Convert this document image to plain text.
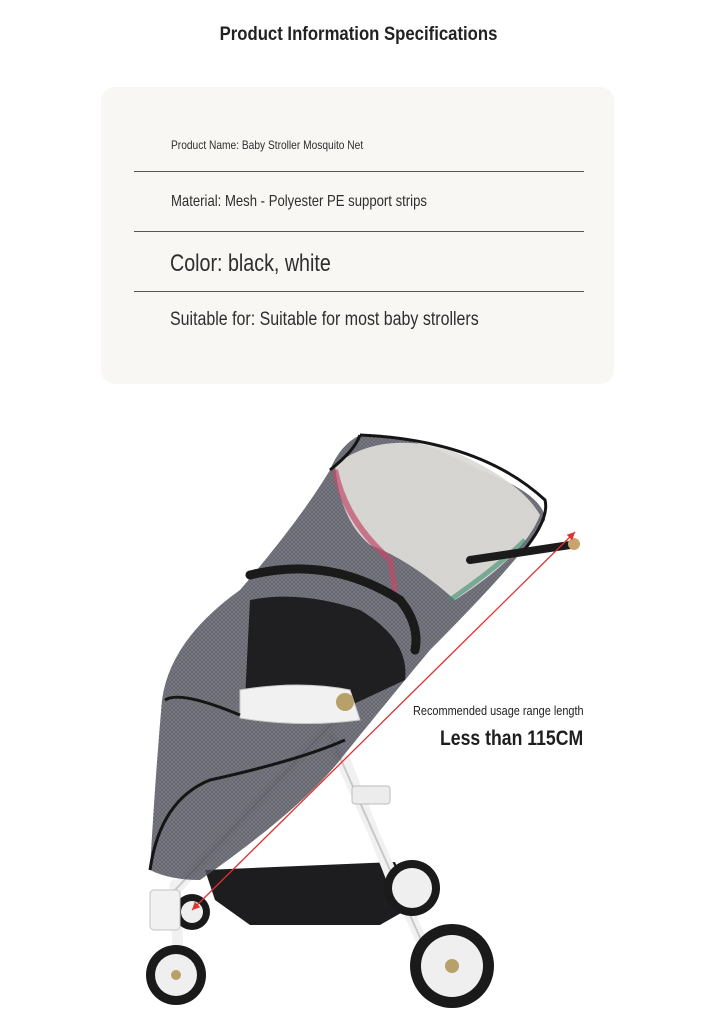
Product Information Specifications
Product Name: Baby Stroller Mosquito Net
Material: Mesh - Polyester PE support strips
Color: black, white
Suitable for: Suitable for most baby strollers
Recommended usage range length
Less than 115CM
